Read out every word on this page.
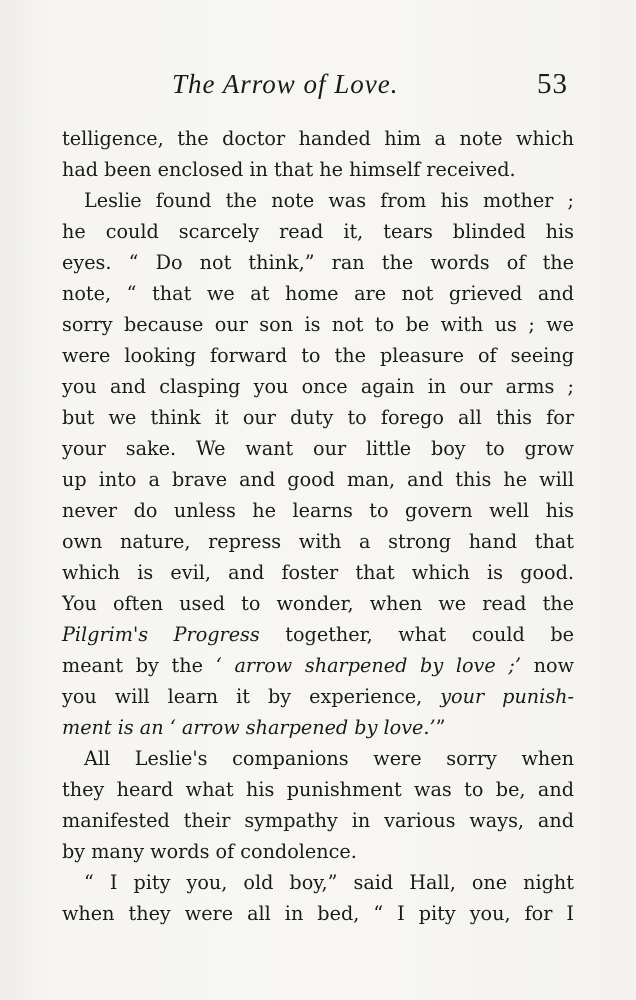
The Arrow of Love.	53
telligence, the doctor handed him a note which
had been enclosed in that he himself received.
Leslie found the note was from his mother ;
he could scarcely read it, tears blinded his
eyes. “ Do not think,” ran the words of the
note, “ that we at home are not grieved and
sorry because our son is not to be with us ; we
were looking forward to the pleasure of seeing
you and clasping you once again in our arms ;
but we think it our duty to forego all this for
your sake. We want our little boy to grow
up into a brave and good man, and this he will
never do unless he learns to govern well his
own nature, repress with a strong hand that
which is evil, and foster that which is good.
You often used to wonder, when we read the
Pilgrim's Progress together, what could be
meant by the ‘ arrow sharpened by love ;’ now
you will learn it by experience, your punish-
ment is an ‘ arrow sharpened by love.’”
All Leslie's companions were sorry when
they heard what his punishment was to be, and
manifested their sympathy in various ways, and
by many words of condolence.
“ I pity you, old boy,” said Hall, one night
when they were all in bed, “ I pity you, for I
